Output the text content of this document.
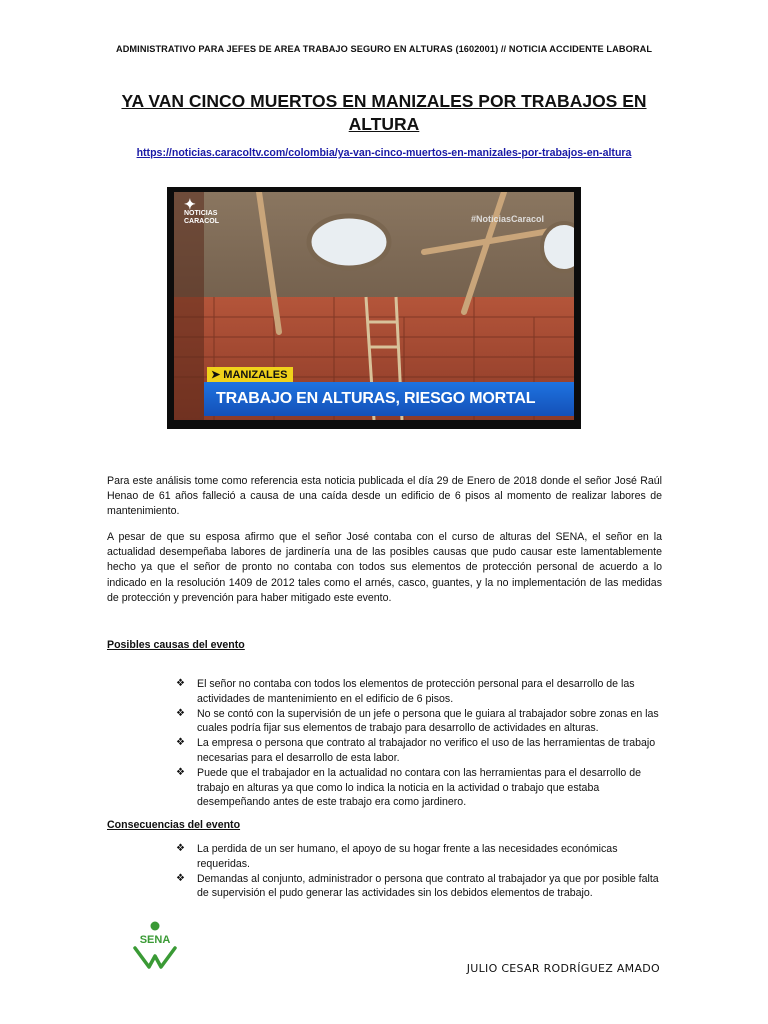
ADMINISTRATIVO PARA JEFES DE AREA TRABAJO SEGURO EN ALTURAS (1602001) // NOTICIA ACCIDENTE LABORAL
YA VAN CINCO MUERTOS EN MANIZALES POR TRABAJOS EN ALTURA
https://noticias.caracoltv.com/colombia/ya-van-cinco-muertos-en-manizales-por-trabajos-en-altura
✦
NOTICIAS
CARACOL	#NoticiasCaracol
➤ MANIZALES
TRABAJO EN ALTURAS, RIESGO MORTAL

Para este análisis tome como referencia esta noticia publicada el día 29 de Enero de 2018 donde el señor José Raúl Henao de 61 años falleció a causa de una caída desde un edificio de 6 pisos al momento de realizar labores de mantenimiento.

A pesar de que su esposa afirmo que el señor José contaba con el curso de alturas del SENA, el señor en la actualidad desempeñaba labores de jardinería una de las posibles causas que pudo causar este lamentablemente hecho ya que el señor de pronto no contaba con todos sus elementos de protección personal de acuerdo a lo indicado en la resolución 1409 de 2012 tales como el arnés, casco, guantes, y la no implementación de las medidas de protección y prevención para haber mitigado este evento.

Posibles causas del evento
❖ El señor no contaba con todos los elementos de protección personal para el desarrollo de las actividades de mantenimiento en el edificio de 6 pisos.
❖ No se contó con la supervisión de un jefe o persona que le guiara al trabajador sobre zonas en las cuales podría fijar sus elementos de trabajo para desarrollo de actividades en alturas.
❖ La empresa o persona que contrato al trabajador no verifico el uso de las herramientas de trabajo necesarias para el desarrollo de esta labor.
❖ Puede que el trabajador en la actualidad no contara con las herramientas para el desarrollo de trabajo en alturas ya que como lo indica la noticia en la actividad o trabajo que estaba desempeñando antes de este trabajo era como jardinero.
Consecuencias del evento
❖ La perdida de un ser humano, el apoyo de su hogar frente a las necesidades económicas requeridas.
❖ Demandas al conjunto, administrador o persona que contrato al trabajador ya que por posible falta de supervisión el pudo generar las actividades sin los debidos elementos de trabajo.
SENA
JULIO CESAR RODRÍGUEZ AMADO
